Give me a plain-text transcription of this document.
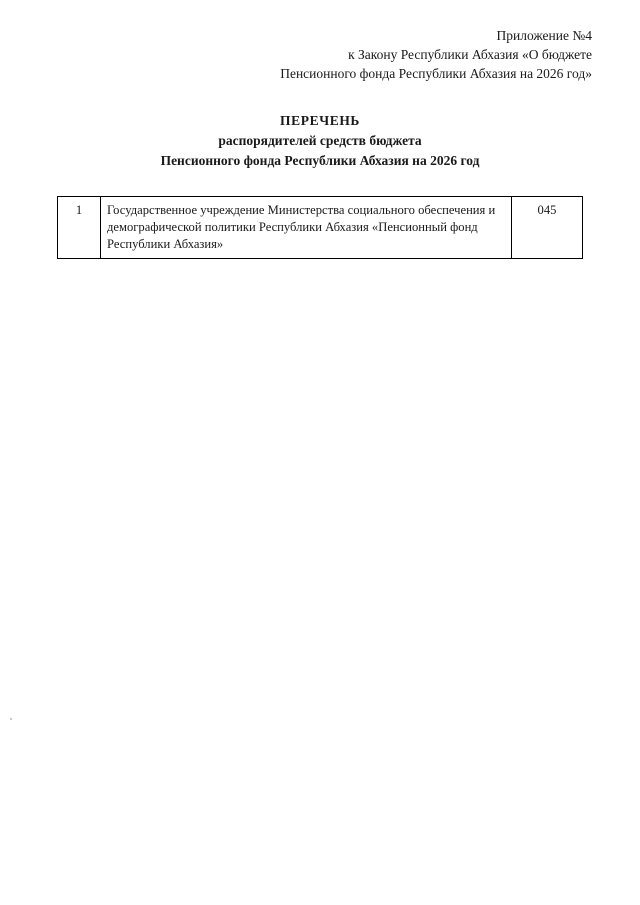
Приложение №4
к Закону Республики Абхазия «О бюджете
Пенсионного фонда Республики Абхазия на 2026 год»
ПЕРЕЧЕНЬ
распорядителей средств бюджета
Пенсионного фонда Республики Абхазия на 2026 год
1	Государственное учреждение Министерства социального обеспечения и демографической политики Республики Абхазия «Пенсионный фонд Республики Абхазия»	045
